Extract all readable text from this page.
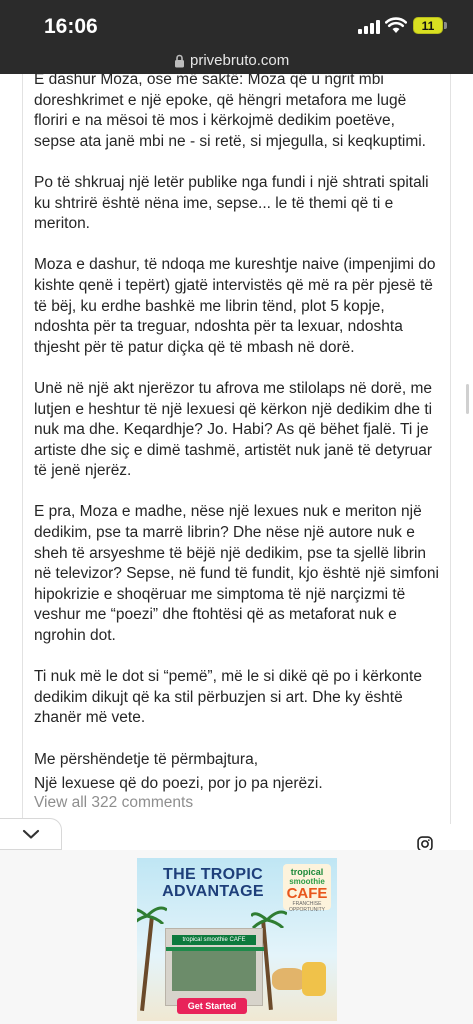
16:06	11
privebruto.com

E dashur Moza, ose më saktë: Moza që u ngrit mbi doreshkrimet e një epoke, që hëngri metafora me lugë floriri e na mësoi të mos i kërkojmë dedikim poetëve, sepse ata janë mbi ne - si retë, si mjegulla, si keqkuptimi.

Po të shkruaj një letër publike nga fundi i një shtrati spitali ku shtrirë është nëna ime, sepse... le të themi që ti e meriton.

Moza e dashur, të ndoqa me kureshtje naive (impenjimi do kishte qenë i tepërt) gjatë intervistës që më ra për pjesë të të bëj, ku erdhe bashkë me librin tënd, plot 5 kopje, ndoshta për ta treguar, ndoshta për ta lexuar, ndoshta thjesht për të patur diçka që të mbash në dorë.

Unë në një akt njerëzor tu afrova me stilolaps në dorë, me lutjen e heshtur të një lexuesi që kërkon një dedikim dhe ti nuk ma dhe. Keqardhje? Jo. Habi? As që bëhet fjalë. Ti je artiste dhe siç e dimë tashmë, artistët nuk janë të detyruar të jenë njerëz.

E pra, Moza e madhe, nëse një lexues nuk e meriton një dedikim, pse ta marrë librin? Dhe nëse një autore nuk e sheh të arsyeshme të bëjë një dedikim, pse ta sjellë librin në televizor? Sepse, në fund të fundit, kjo është një simfoni hipokrizie e shoqëruar me simptoma të një narçizmi të veshur me “poezi” dhe ftohtësi që as metaforat nuk e ngrohin dot.

Ti nuk më le dot si “pemë”, më le si dikë që po i kërkonte dedikim dikujt që ka stil përbuzjen si art. Dhe ky është zhanër më vete.

Me përshëndetje të përmbajtura,
Një lexuese që do poezi, por jo pa njerëzi.
View all 322 comments
THE TROPIC ADVANTAGE
tropical
smoothie
CAFE
FRANCHISE OPPORTUNITY
tropical smoothie CAFE
Get Started
